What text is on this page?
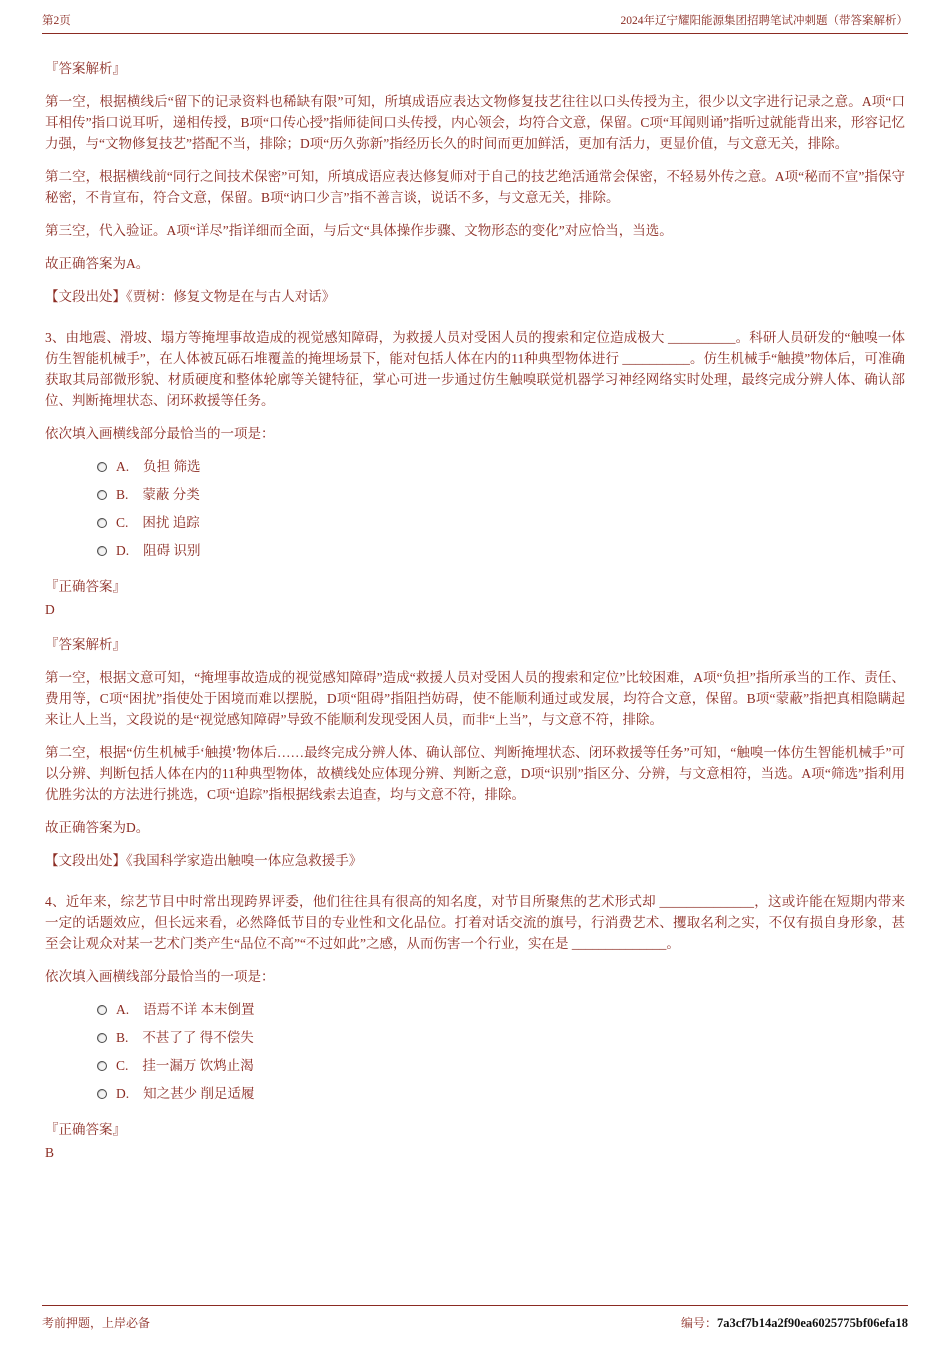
第2页	2024年辽宁耀阳能源集团招聘笔试冲刺题（带答案解析）

『答案解析』

第一空，根据横线后“留下的记录资料也稀缺有限”可知，所填成语应表达文物修复技艺往往以口头传授为主，很少以文字进行记录之意。A项“口耳相传”指口说耳听，递相传授，B项“口传心授”指师徒间口头传授，内心领会，均符合文意，保留。C项“耳闻则诵”指听过就能背出来，形容记忆力强，与“文物修复技艺”搭配不当，排除；D项“历久弥新”指经历长久的时间而更加鲜活，更加有活力，更显价值，与文意无关，排除。

第二空，根据横线前“同行之间技术保密”可知，所填成语应表达修复师对于自己的技艺绝活通常会保密，不轻易外传之意。A项“秘而不宣”指保守秘密，不肯宣布，符合文意，保留。B项“讷口少言”指不善言谈，说话不多，与文意无关，排除。

第三空，代入验证。A项“详尽”指详细而全面，与后文“具体操作步骤、文物形态的变化”对应恰当，当选。

故正确答案为A。

【文段出处】《贾树：修复文物是在与古人对话》

3、由地震、滑坡、塌方等掩埋事故造成的视觉感知障碍，为救援人员对受困人员的搜索和定位造成极大 __________。科研人员研发的“触嗅一体仿生智能机械手”，在人体被瓦砾石堆覆盖的掩埋场景下，能对包括人体在内的11种典型物体进行 __________。仿生机械手“触摸”物体后，可准确获取其局部微形貌、材质硬度和整体轮廓等关键特征，掌心可进一步通过仿生触嗅联觉机器学习神经网络实时处理，最终完成分辨人体、确认部位、判断掩埋状态、闭环救援等任务。

依次填入画横线部分最恰当的一项是：

A. 负担 筛选
B. 蒙蔽 分类
C. 困扰 追踪
D. 阻碍 识别

『正确答案』

D

『答案解析』

第一空，根据文意可知，“掩埋事故造成的视觉感知障碍”造成“救援人员对受困人员的搜索和定位”比较困难，A项“负担”指所承当的工作、责任、费用等，C项“困扰”指使处于困境而难以摆脱，D项“阻碍”指阻挡妨碍，使不能顺利通过或发展，均符合文意，保留。B项“蒙蔽”指把真相隐瞒起来让人上当，文段说的是“视觉感知障碍”导致不能顺利发现受困人员，而非“上当”，与文意不符，排除。

第二空，根据“仿生机械手‘触摸’物体后……最终完成分辨人体、确认部位、判断掩埋状态、闭环救援等任务”可知，“触嗅一体仿生智能机械手”可以分辨、判断包括人体在内的11种典型物体，故横线处应体现分辨、判断之意，D项“识别”指区分、分辨，与文意相符，当选。A项“筛选”指利用优胜劣汰的方法进行挑选，C项“追踪”指根据线索去追查，均与文意不符，排除。

故正确答案为D。

【文段出处】《我国科学家造出触嗅一体应急救援手》

4、近年来，综艺节目中时常出现跨界评委，他们往往具有很高的知名度，对节目所聚焦的艺术形式却 ______________，这或许能在短期内带来一定的话题效应，但长远来看，必然降低节目的专业性和文化品位。打着对话交流的旗号，行消费艺术、攫取名利之实，不仅有损自身形象，甚至会让观众对某一艺术门类产生“品位不高”“不过如此”之感，从而伤害一个行业，实在是 ______________。

依次填入画横线部分最恰当的一项是：

A. 语焉不详 本末倒置
B. 不甚了了 得不偿失
C. 挂一漏万 饮鸩止渴
D. 知之甚少 削足适履

『正确答案』

B

考前押题，上岸必备	编号：7a3cf7b14a2f90ea6025775bf06efa18
